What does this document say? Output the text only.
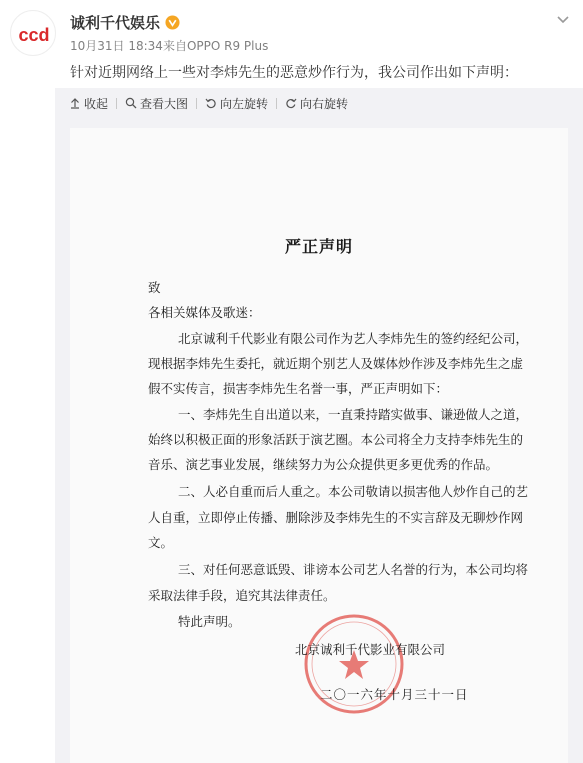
ccd
诚利千代娱乐
10月31日 18:34来自OPPO R9 Plus
针对近期网络上一些对李炜先生的恶意炒作行为，我公司作出如下声明：
收起	查看大图	向左旋转	向右旋转
严正声明
致
各相关媒体及歌迷：
北京诚利千代影业有限公司作为艺人李炜先生的签约经纪公司，
现根据李炜先生委托，就近期个别艺人及媒体炒作涉及李炜先生之虚
假不实传言，损害李炜先生名誉一事，严正声明如下：
一、李炜先生自出道以来，一直秉持踏实做事、谦逊做人之道，
始终以积极正面的形象活跃于演艺圈。本公司将全力支持李炜先生的
音乐、演艺事业发展，继续努力为公众提供更多更优秀的作品。
二、人必自重而后人重之。本公司敬请以损害他人炒作自己的艺
人自重，立即停止传播、删除涉及李炜先生的不实言辞及无聊炒作网
文。
三、对任何恶意诋毁、诽谤本公司艺人名誉的行为，本公司均将
采取法律手段，追究其法律责任。
特此声明。
北京诚利千代影业有限公司
二〇一六年十月三十一日
